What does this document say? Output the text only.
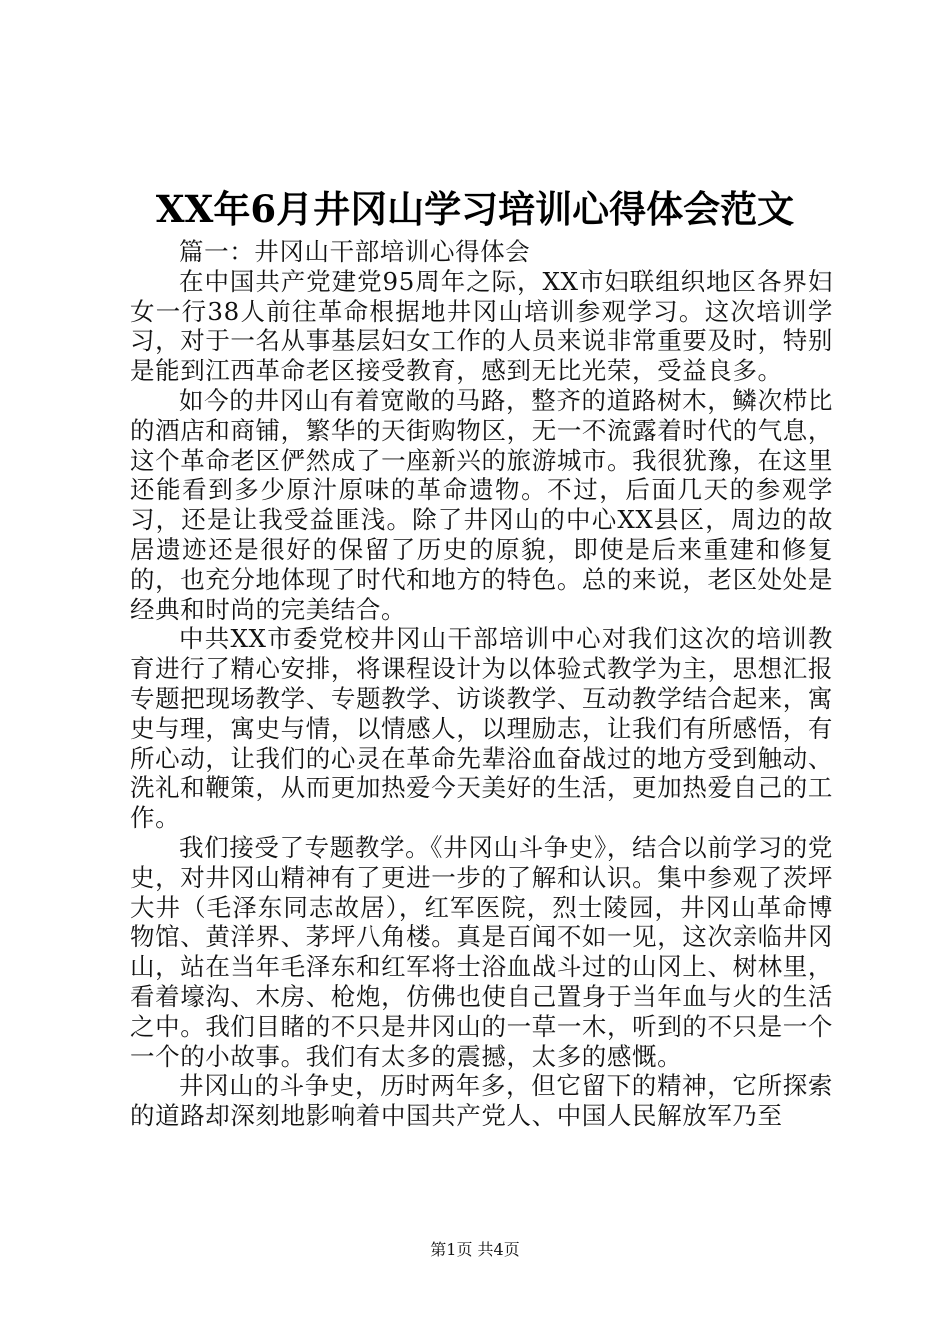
XX年6月井冈山学习培训心得体会范文

篇一：井冈山干部培训心得体会

在中国共产党建党95周年之际，XX市妇联组织地区各界妇女一行38人前往革命根据地井冈山培训参观学习。这次培训学习，对于一名从事基层妇女工作的人员来说非常重要及时，特别是能到江西革命老区接受教育，感到无比光荣，受益良多。

如今的井冈山有着宽敞的马路，整齐的道路树木，鳞次栉比的酒店和商铺，繁华的天街购物区，无一不流露着时代的气息，这个革命老区俨然成了一座新兴的旅游城市。我很犹豫，在这里还能看到多少原汁原味的革命遗物。不过，后面几天的参观学习，还是让我受益匪浅。除了井冈山的中心XX县区，周边的故居遗迹还是很好的保留了历史的原貌，即使是后来重建和修复的，也充分地体现了时代和地方的特色。总的来说，老区处处是经典和时尚的完美结合。

中共XX市委党校井冈山干部培训中心对我们这次的培训教育进行了精心安排，将课程设计为以体验式教学为主，思想汇报专题把现场教学、专题教学、访谈教学、互动教学结合起来，寓史与理，寓史与情，以情感人，以理励志，让我们有所感悟，有所心动，让我们的心灵在革命先辈浴血奋战过的地方受到触动、洗礼和鞭策，从而更加热爱今天美好的生活，更加热爱自己的工作。

我们接受了专题教学。《井冈山斗争史》，结合以前学习的党史，对井冈山精神有了更进一步的了解和认识。集中参观了茨坪大井（毛泽东同志故居），红军医院，烈士陵园，井冈山革命博物馆、黄洋界、茅坪八角楼。真是百闻不如一见，这次亲临井冈山，站在当年毛泽东和红军将士浴血战斗过的山冈上、树林里，看着壕沟、木房、枪炮，仿佛也使自己置身于当年血与火的生活之中。我们目睹的不只是井冈山的一草一木，听到的不只是一个一个的小故事。我们有太多的震撼，太多的感慨。

井冈山的斗争史，历时两年多，但它留下的精神，它所探索的道路却深刻地影响着中国共产党人、中国人民解放军乃至

第1页 共4页
